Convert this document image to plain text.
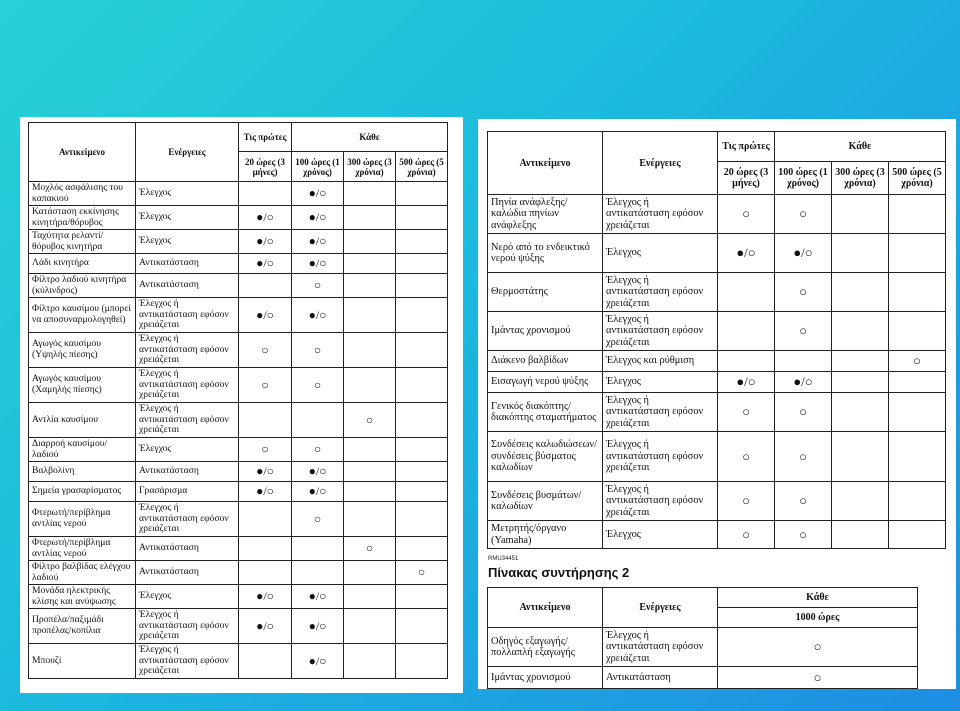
Αντικείμενο	Ενέργειες	Τις πρώτες	Κάθε		
		20 ώρες (3 μήνες)	100 ώρες (1 χρόνος)	300 ώρες (3 χρόνια)	500 ώρες (5 χρόνια)
Μοχλός ασφάλισης του καπακιού	Έλεγχος		●/○		
Κατάσταση εκκίνησης κινητήρα/θόρυβος	Έλεγχος	●/○	●/○		
Ταχύτητα ρελαντί/ θόρυβος κινητήρα	Έλεγχος	●/○	●/○		
Λάδι κινητήρα	Αντικατάσταση	●/○	●/○		
Φίλτρο λαδιού κινητήρα (κύλινδρος)	Αντικατάσταση		○		
Φίλτρο καυσίμου (μπορεί να αποσυναρμολογηθεί)	Έλεγχος ή αντικατάσταση εφόσον χρειάζεται	●/○	●/○		
Αγωγός καυσίμου (Υψηλής πίεσης)	Έλεγχος ή αντικατάσταση εφόσον χρειάζεται	○	○		
Αγωγός καυσίμου (Χαμηλής πίεσης)	Έλεγχος ή αντικατάσταση εφόσον χρειάζεται	○	○		
Αντλία καυσίμου	Έλεγχος ή αντικατάσταση εφόσον χρειάζεται			○	
Διαρροή καυσίμου/ λαδιού	Έλεγχος	○	○		
Βαλβολίνη	Αντικατάσταση	●/○	●/○		
Σημεία γρασαρίσματος	Γρασάρισμα	●/○	●/○		
Φτερωτή/περίβλημα αντλίας νερού	Έλεγχος ή αντικατάσταση εφόσον χρειάζεται		○		
Φτερωτή/περίβλημα αντλίας νερού	Αντικατάσταση			○	
Φίλτρο βαλβίδας ελέγχου λαδιού	Αντικατάσταση				○
Μονάδα ηλεκτρικής κλίσης και ανύψωσης	Έλεγχος	●/○	●/○		
Προπέλα/παξιμάδι προπέλας/κοπίλια	Έλεγχος ή αντικατάσταση εφόσον χρειάζεται	●/○	●/○		
Μπουζί	Έλεγχος ή αντικατάσταση εφόσον χρειάζεται		●/○		
Αντικείμενο	Ενέργειες	Τις πρώτες	Κάθε		
		20 ώρες (3 μήνες)	100 ώρες (1 χρόνος)	300 ώρες (3 χρόνια)	500 ώρες (5 χρόνια)
Πηνία ανάφλεξης/ καλώδια πηνίων ανάφλεξης	Έλεγχος ή αντικατάσταση εφόσον χρειάζεται	○	○		
Νερό από το ενδεικτικό νερού ψύξης	Έλεγχος	●/○	●/○		
Θερμοστάτης	Έλεγχος ή αντικατάσταση εφόσον χρειάζεται		○		
Ιμάντας χρονισμού	Έλεγχος ή αντικατάσταση εφόσον χρειάζεται		○		
Διάκενο βαλβίδων	Έλεγχος και ρύθμιση				○
Εισαγωγή νερού ψύξης	Έλεγχος	●/○	●/○		
Γενικός διακόπτης/ διακόπτης σταματήματος	Έλεγχος ή αντικατάσταση εφόσον χρειάζεται	○	○		
Συνδέσεις καλωδιώσεων/ συνδέσεις βύσματος καλωδίων	Έλεγχος ή αντικατάσταση εφόσον χρειάζεται	○	○		
Συνδέσεις βυσμάτων/ καλωδίων	Έλεγχος ή αντικατάσταση εφόσον χρειάζεται	○	○		
Μετρητής/όργανο (Yamaha)	Έλεγχος	○	○		
RMU34451
Πίνακας συντήρησης 2
Αντικείμενο	Ενέργειες	Κάθε
		1000 ώρες
Οδηγός εξαγωγής/ πολλαπλή εξαγωγής	Έλεγχος ή αντικατάσταση εφόσον χρειάζεται	○
Ιμάντας χρονισμού	Αντικατάσταση	○
